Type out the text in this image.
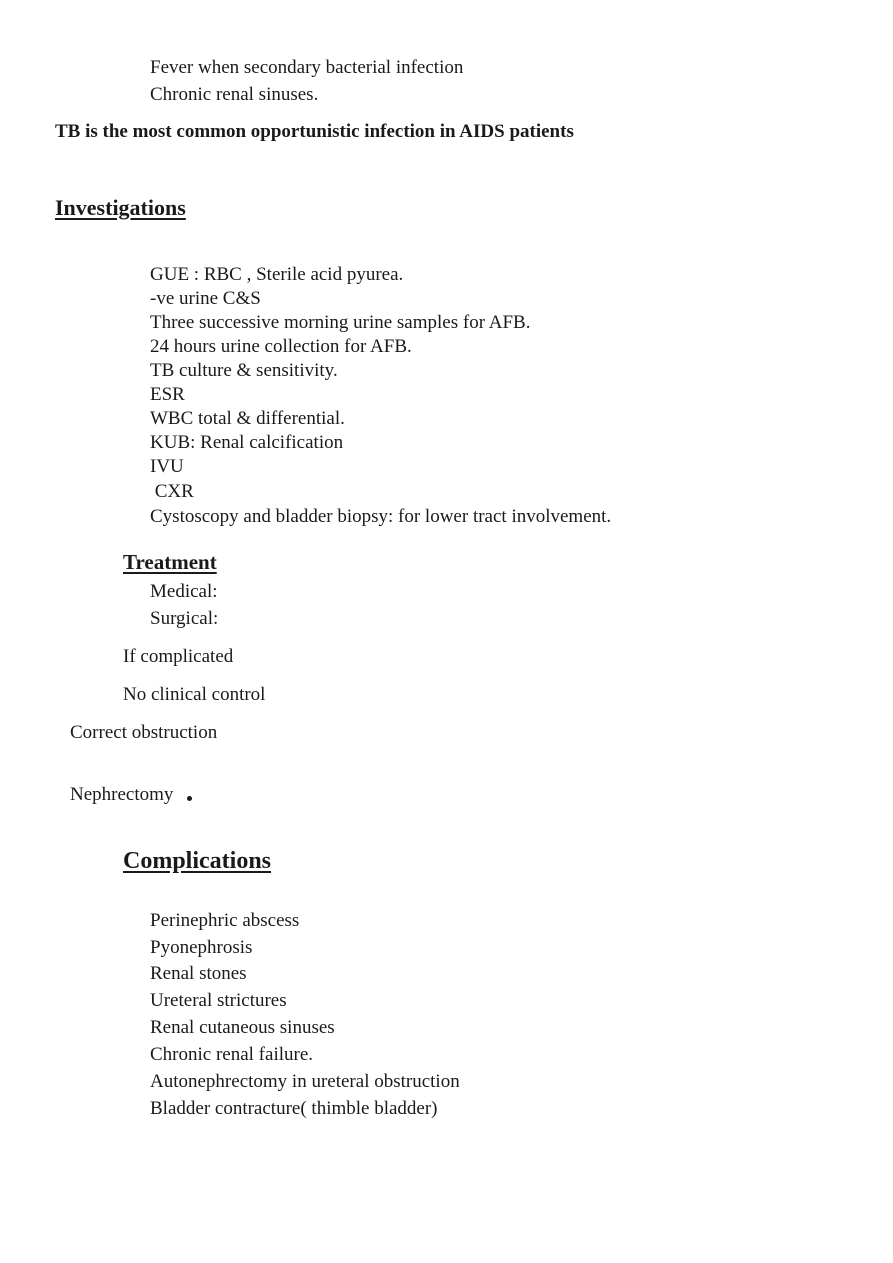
Fever when secondary bacterial infection
Chronic renal sinuses.
TB is the most common opportunistic infection in AIDS patients
Investigations
GUE : RBC , Sterile acid pyurea.
-ve urine C&S
Three successive morning urine samples for AFB.
24 hours urine collection for AFB.
TB culture & sensitivity.
ESR
WBC total & differential.
KUB: Renal calcification
IVU
CXR
Cystoscopy and bladder biopsy: for lower tract involvement.
Treatment
Medical:
Surgical:
If complicated
No clinical control
Correct obstruction
Nephrectomy
Complications
Perinephric abscess
Pyonephrosis
Renal stones
Ureteral strictures
Renal cutaneous sinuses
Chronic renal failure.
Autonephrectomy in ureteral obstruction
Bladder contracture( thimble bladder)
